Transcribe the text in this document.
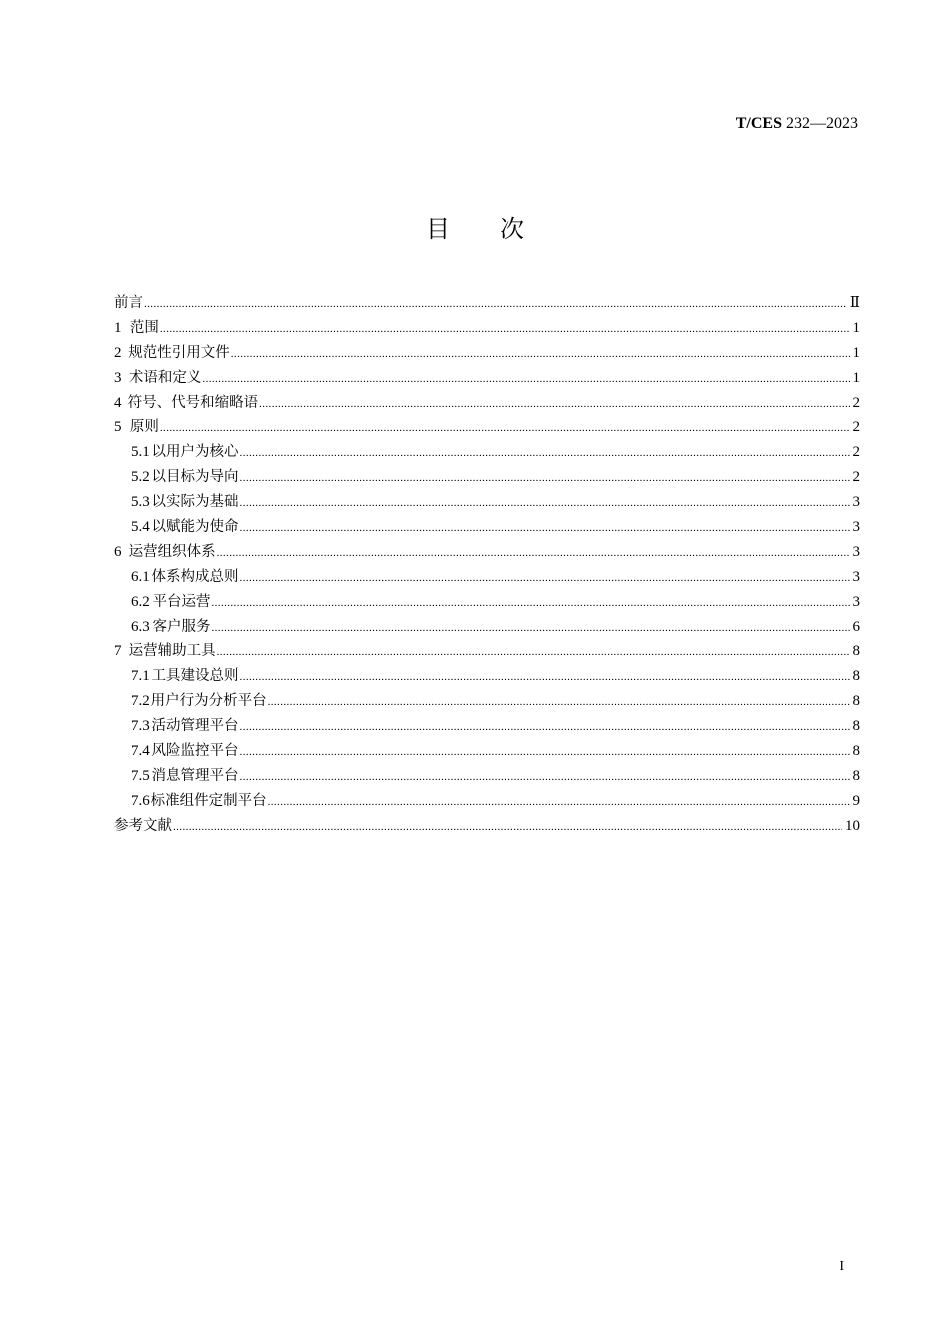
T/CES 232—2023
目 次
前言 .....	Ⅱ
1 范围 .....	1
2 规范性引用文件 .....	1
3 术语和定义 .....	1
4 符号、代号和缩略语 .....	2
5 原则 .....	2
5.1 以用户为核心 .....	2
5.2 以目标为导向 .....	2
5.3 以实际为基础 .....	3
5.4 以赋能为使命 .....	3
6 运营组织体系 .....	3
6.1 体系构成总则 .....	3
6.2 平台运营 .....	3
6.3 客户服务 .....	6
7 运营辅助工具 .....	8
7.1 工具建设总则 .....	8
7.2 用户行为分析平台 .....	8
7.3 活动管理平台 .....	8
7.4 风险监控平台 .....	8
7.5 消息管理平台 .....	8
7.6 标准组件定制平台 .....	9
参考文献 .....	10
I
